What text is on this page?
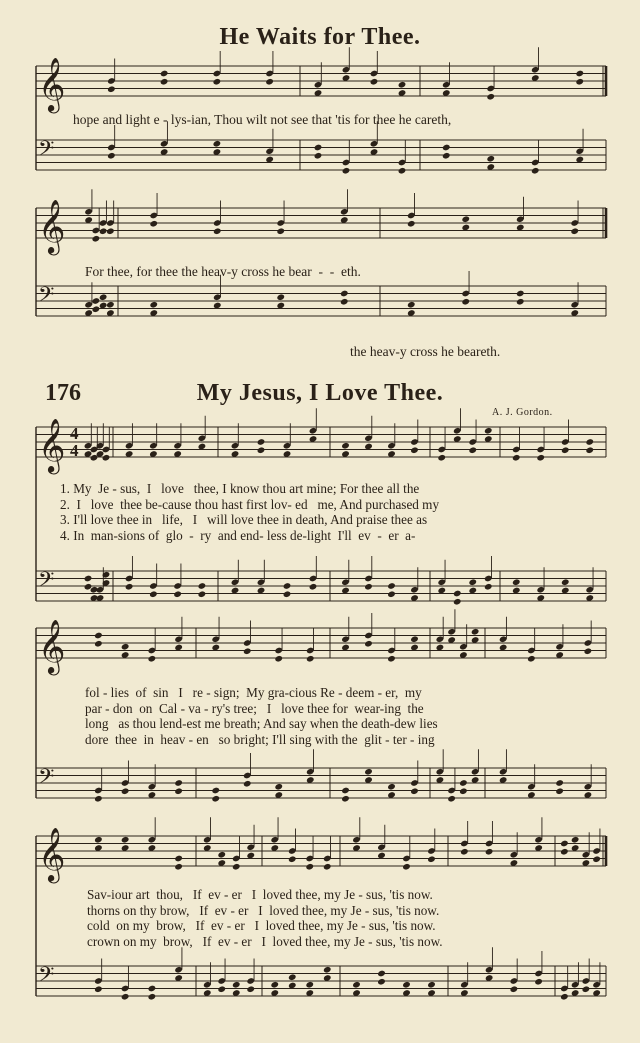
He Waits for Thee.
𝄞
𝄢
𝄞
𝄢
𝄞
𝄢
𝄞
𝄢
𝄞
𝄢
hope and light e - lys-ian, Thou wilt not see that 'tis for thee he careth,
For thee, for thee the heav-y cross he bear  -  -  eth.
the heav-y cross he beareth.
176	My Jesus, I Love Thee.
A. J. Gordon.
4
4
1. My  Je - sus,  I   love   thee, I know thou art mine; For thee all the
2.  I   love  thee be-cause thou hast first lov- ed   me, And purchased my
3. I'll love thee in   life,   I   will love thee in death, And praise thee as
4. In  man-sions of  glo  -  ry  and end- less de-light  I'll  ev  -  er  a-
fol - lies  of  sin   I   re - sign;  My gra-cious Re - deem - er,  my
par - don  on  Cal - va - ry's tree;   I   love thee for  wear-ing  the
long   as thou lend-est me breath; And say when the death-dew lies
dore  thee  in  heav - en   so bright; I'll sing with the  glit - ter - ing
Sav-iour art  thou,   If  ev - er   I  loved thee, my Je - sus, 'tis now.
thorns on thy brow,   If  ev - er   I  loved thee, my Je - sus, 'tis now.
cold  on my  brow,   If  ev - er   I  loved thee, my Je - sus, 'tis now.
crown on my  brow,   If  ev - er   I  loved thee, my Je - sus, 'tis now.
